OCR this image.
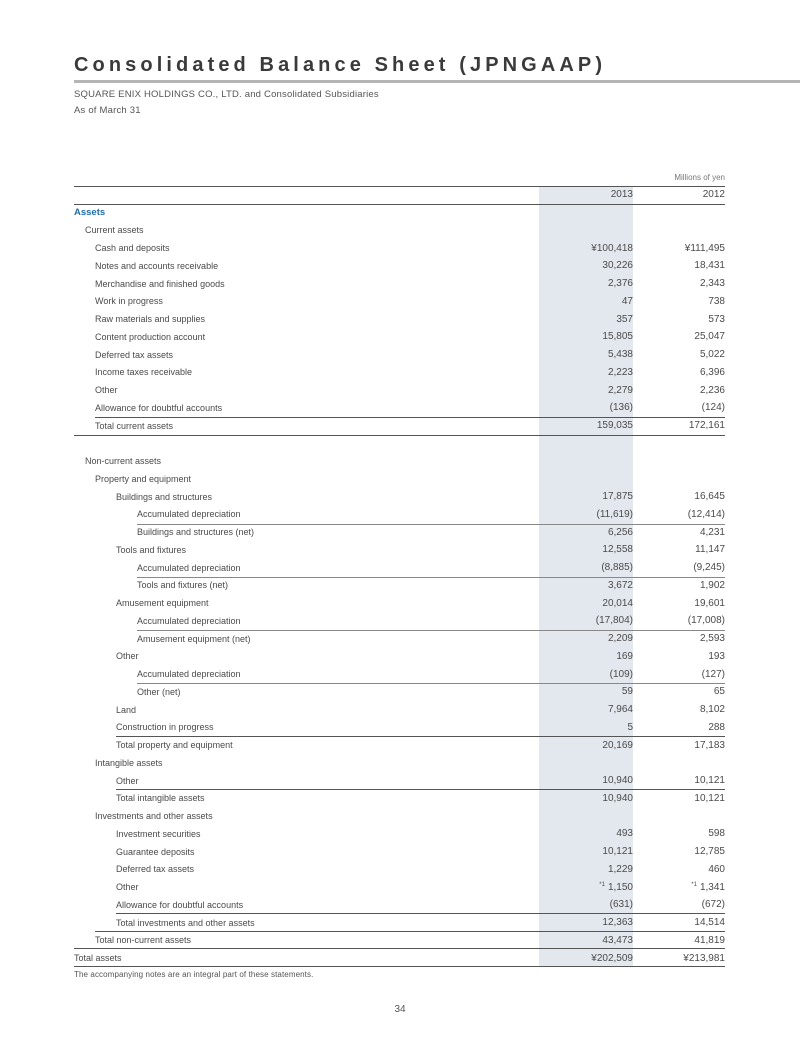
Consolidated Balance Sheet (JPNGAAP)
SQUARE ENIX HOLDINGS CO., LTD. and Consolidated Subsidiaries
As of March 31
Millions of yen
	2013	2012
Assets		
Current assets		
Cash and deposits	¥100,418	¥111,495
Notes and accounts receivable	30,226	18,431
Merchandise and finished goods	2,376	2,343
Work in progress	47	738
Raw materials and supplies	357	573
Content production account	15,805	25,047
Deferred tax assets	5,438	5,022
Income taxes receivable	2,223	6,396
Other	2,279	2,236
Allowance for doubtful accounts	(136)	(124)
Total current assets	159,035	172,161

Non-current assets		
Property and equipment		
Buildings and structures	17,875	16,645
Accumulated depreciation	(11,619)	(12,414)
Buildings and structures (net)	6,256	4,231
Tools and fixtures	12,558	11,147
Accumulated depreciation	(8,885)	(9,245)
Tools and fixtures (net)	3,672	1,902
Amusement equipment	20,014	19,601
Accumulated depreciation	(17,804)	(17,008)
Amusement equipment (net)	2,209	2,593
Other	169	193
Accumulated depreciation	(109)	(127)
Other (net)	59	65
Land	7,964	8,102
Construction in progress	5	288
Total property and equipment	20,169	17,183
Intangible assets		
Other	10,940	10,121
Total intangible assets	10,940	10,121
Investments and other assets		
Investment securities	493	598
Guarantee deposits	10,121	12,785
Deferred tax assets	1,229	460
Other	$^{*1}$ 1,150	$^{*1}$ 1,341
Allowance for doubtful accounts	(631)	(672)
Total investments and other assets	12,363	14,514
Total non-current assets	43,473	41,819
Total assets	¥202,509	¥213,981
The accompanying notes are an integral part of these statements.
34
